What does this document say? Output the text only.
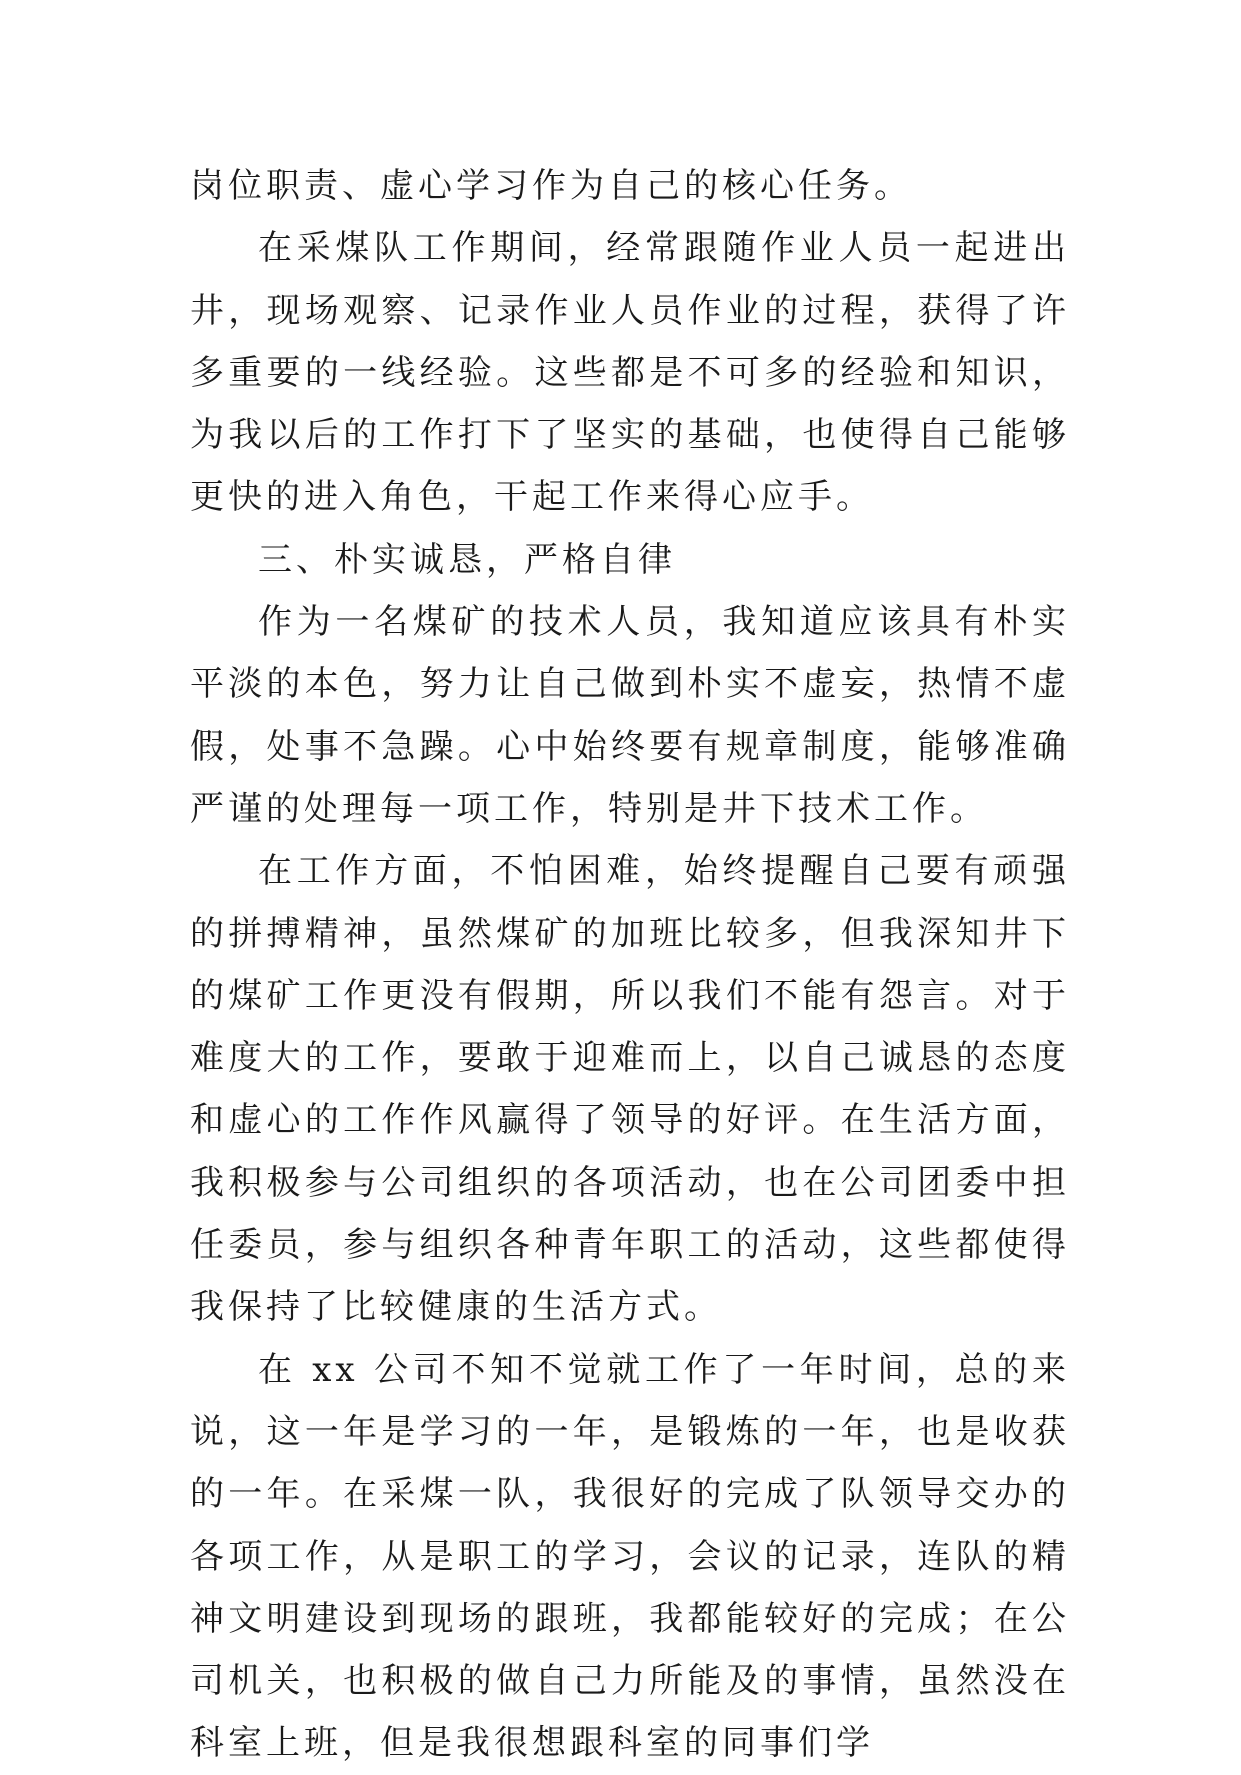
岗位职责、虚心学习作为自己的核心任务。

在采煤队工作期间，经常跟随作业人员一起进出井，现场观察、记录作业人员作业的过程，获得了许多重要的一线经验。这些都是不可多的经验和知识，为我以后的工作打下了坚实的基础，也使得自己能够更快的进入角色，干起工作来得心应手。

三、朴实诚恳，严格自律

作为一名煤矿的技术人员，我知道应该具有朴实平淡的本色，努力让自己做到朴实不虚妄，热情不虚假，处事不急躁。心中始终要有规章制度，能够准确严谨的处理每一项工作，特别是井下技术工作。

在工作方面，不怕困难，始终提醒自己要有顽强的拼搏精神，虽然煤矿的加班比较多，但我深知井下的煤矿工作更没有假期，所以我们不能有怨言。对于难度大的工作，要敢于迎难而上，以自己诚恳的态度和虚心的工作作风赢得了领导的好评。在生活方面，我积极参与公司组织的各项活动，也在公司团委中担任委员，参与组织各种青年职工的活动，这些都使得我保持了比较健康的生活方式。

在 xx 公司不知不觉就工作了一年时间，总的来说，这一年是学习的一年，是锻炼的一年，也是收获的一年。在采煤一队，我很好的完成了队领导交办的各项工作，从是职工的学习，会议的记录，连队的精神文明建设到现场的跟班，我都能较好的完成；在公司机关，也积极的做自己力所能及的事情，虽然没在科室上班，但是我很想跟科室的同事们学
